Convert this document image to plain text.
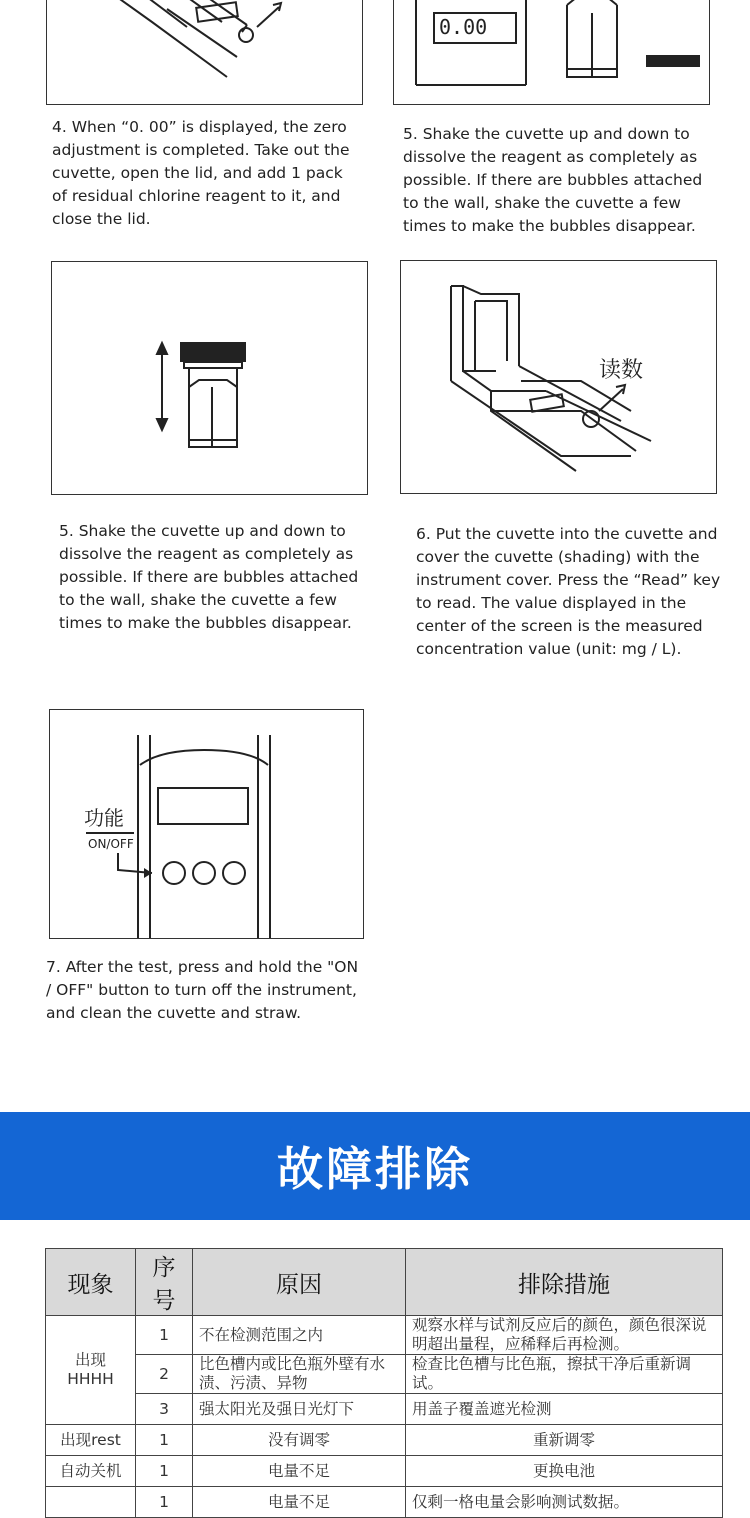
0.00
4. When “0. 00” is displayed, the zero adjustment is completed. Take out the cuvette, open the lid, and add 1 pack of residual chlorine reagent to it, and close the lid.
5. Shake the cuvette up and down to dissolve the reagent as completely as possible. If there are bubbles attached to the wall, shake the cuvette a few times to make the bubbles disappear.
读数
5. Shake the cuvette up and down to dissolve the reagent as completely as possible. If there are bubbles attached to the wall, shake the cuvette a few times to make the bubbles disappear.
6. Put the cuvette into the cuvette and cover the cuvette (shading) with the instrument cover. Press the “Read” key to read. The value displayed in the center of the screen is the measured concentration value (unit: mg / L).
功能
ON/OFF
7. After the test, press and hold the "ON / OFF" button to turn off the instrument, and clean the cuvette and straw.
故障排除
现象	序号	原因	排除措施
出现
HHHH	1	不在检测范围之内	观察水样与试剂反应后的颜色，颜色很深说明超出量程，应稀释后再检测。
	2	比色槽内或比色瓶外壁有水渍、污渍、异物	检查比色槽与比色瓶，擦拭干净后重新调试。
	3	强太阳光及强日光灯下	用盖子覆盖遮光检测
出现rest	1	没有调零	重新调零
自动关机	1	电量不足	更换电池
	1	电量不足	仅剩一格电量会影响测试数据。
